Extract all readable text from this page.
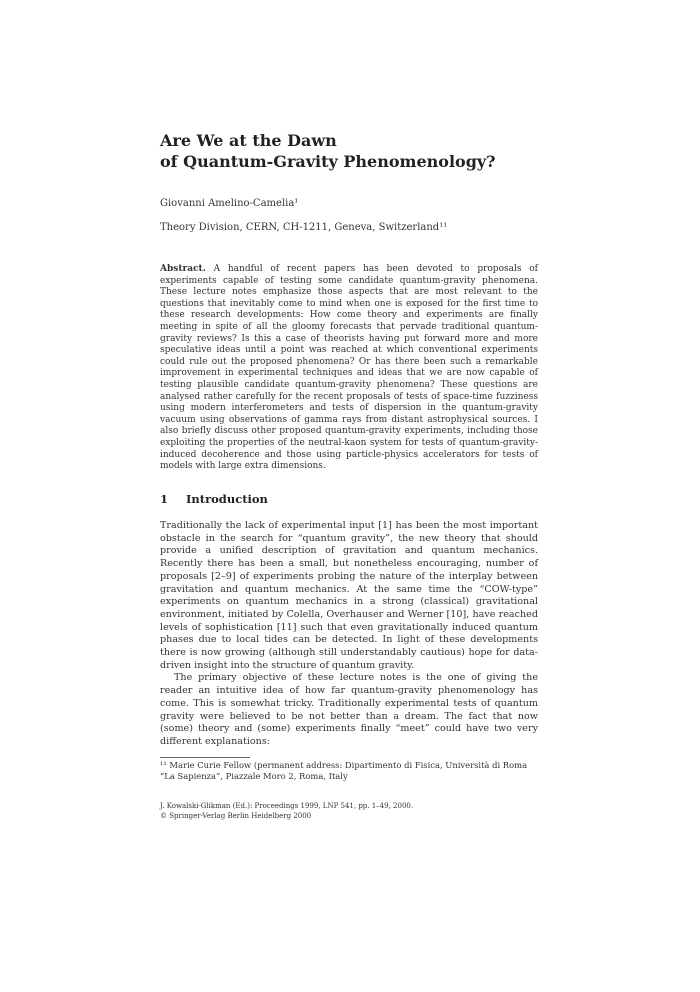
Are We at the Dawn
of Quantum-Gravity Phenomenology?
Giovanni Amelino-Camelia¹
Theory Division, CERN, CH-1211, Geneva, Switzerland¹¹
Abstract. A handful of recent papers has been devoted to proposals of experiments capable of testing some candidate quantum-gravity phenomena. These lecture notes emphasize those aspects that are most relevant to the questions that inevitably come to mind when one is exposed for the first time to these research developments: How come theory and experiments are finally meeting in spite of all the gloomy forecasts that pervade traditional quantum-gravity reviews? Is this a case of theorists having put forward more and more speculative ideas until a point was reached at which conventional experiments could rule out the proposed phenomena? Or has there been such a remarkable improvement in experimental techniques and ideas that we are now capable of testing plausible candidate quantum-gravity phenomena? These questions are analysed rather carefully for the recent proposals of tests of space-time fuzziness using modern interferometers and tests of dispersion in the quantum-gravity vacuum using observations of gamma rays from distant astrophysical sources. I also briefly discuss other proposed quantum-gravity experiments, including those exploiting the properties of the neutral-kaon system for tests of quantum-gravity-induced decoherence and those using particle-physics accelerators for tests of models with large extra dimensions.
1 Introduction

Traditionally the lack of experimental input [1] has been the most important obstacle in the search for “quantum gravity”, the new theory that should provide a unified description of gravitation and quantum mechanics. Recently there has been a small, but nonetheless encouraging, number of proposals [2–9] of experiments probing the nature of the interplay between gravitation and quantum mechanics. At the same time the “COW-type” experiments on quantum mechanics in a strong (classical) gravitational environment, initiated by Colella, Overhauser and Werner [10], have reached levels of sophistication [11] such that even gravitationally induced quantum phases due to local tides can be detected. In light of these developments there is now growing (although still understandably cautious) hope for data-driven insight into the structure of quantum gravity.

The primary objective of these lecture notes is the one of giving the reader an intuitive idea of how far quantum-gravity phenomenology has come. This is somewhat tricky. Traditionally experimental tests of quantum gravity were believed to be not better than a dream. The fact that now (some) theory and (some) experiments finally “meet” could have two very different explanations:

¹¹ Marie Curie Fellow (permanent address: Dipartimento di Fisica, Università di Roma “La Sapienza”, Piazzale Moro 2, Roma, Italy
J. Kowalski-Glikman (Ed.): Proceedings 1999, LNP 541, pp. 1–49, 2000.
© Springer-Verlag Berlin Heidelberg 2000
